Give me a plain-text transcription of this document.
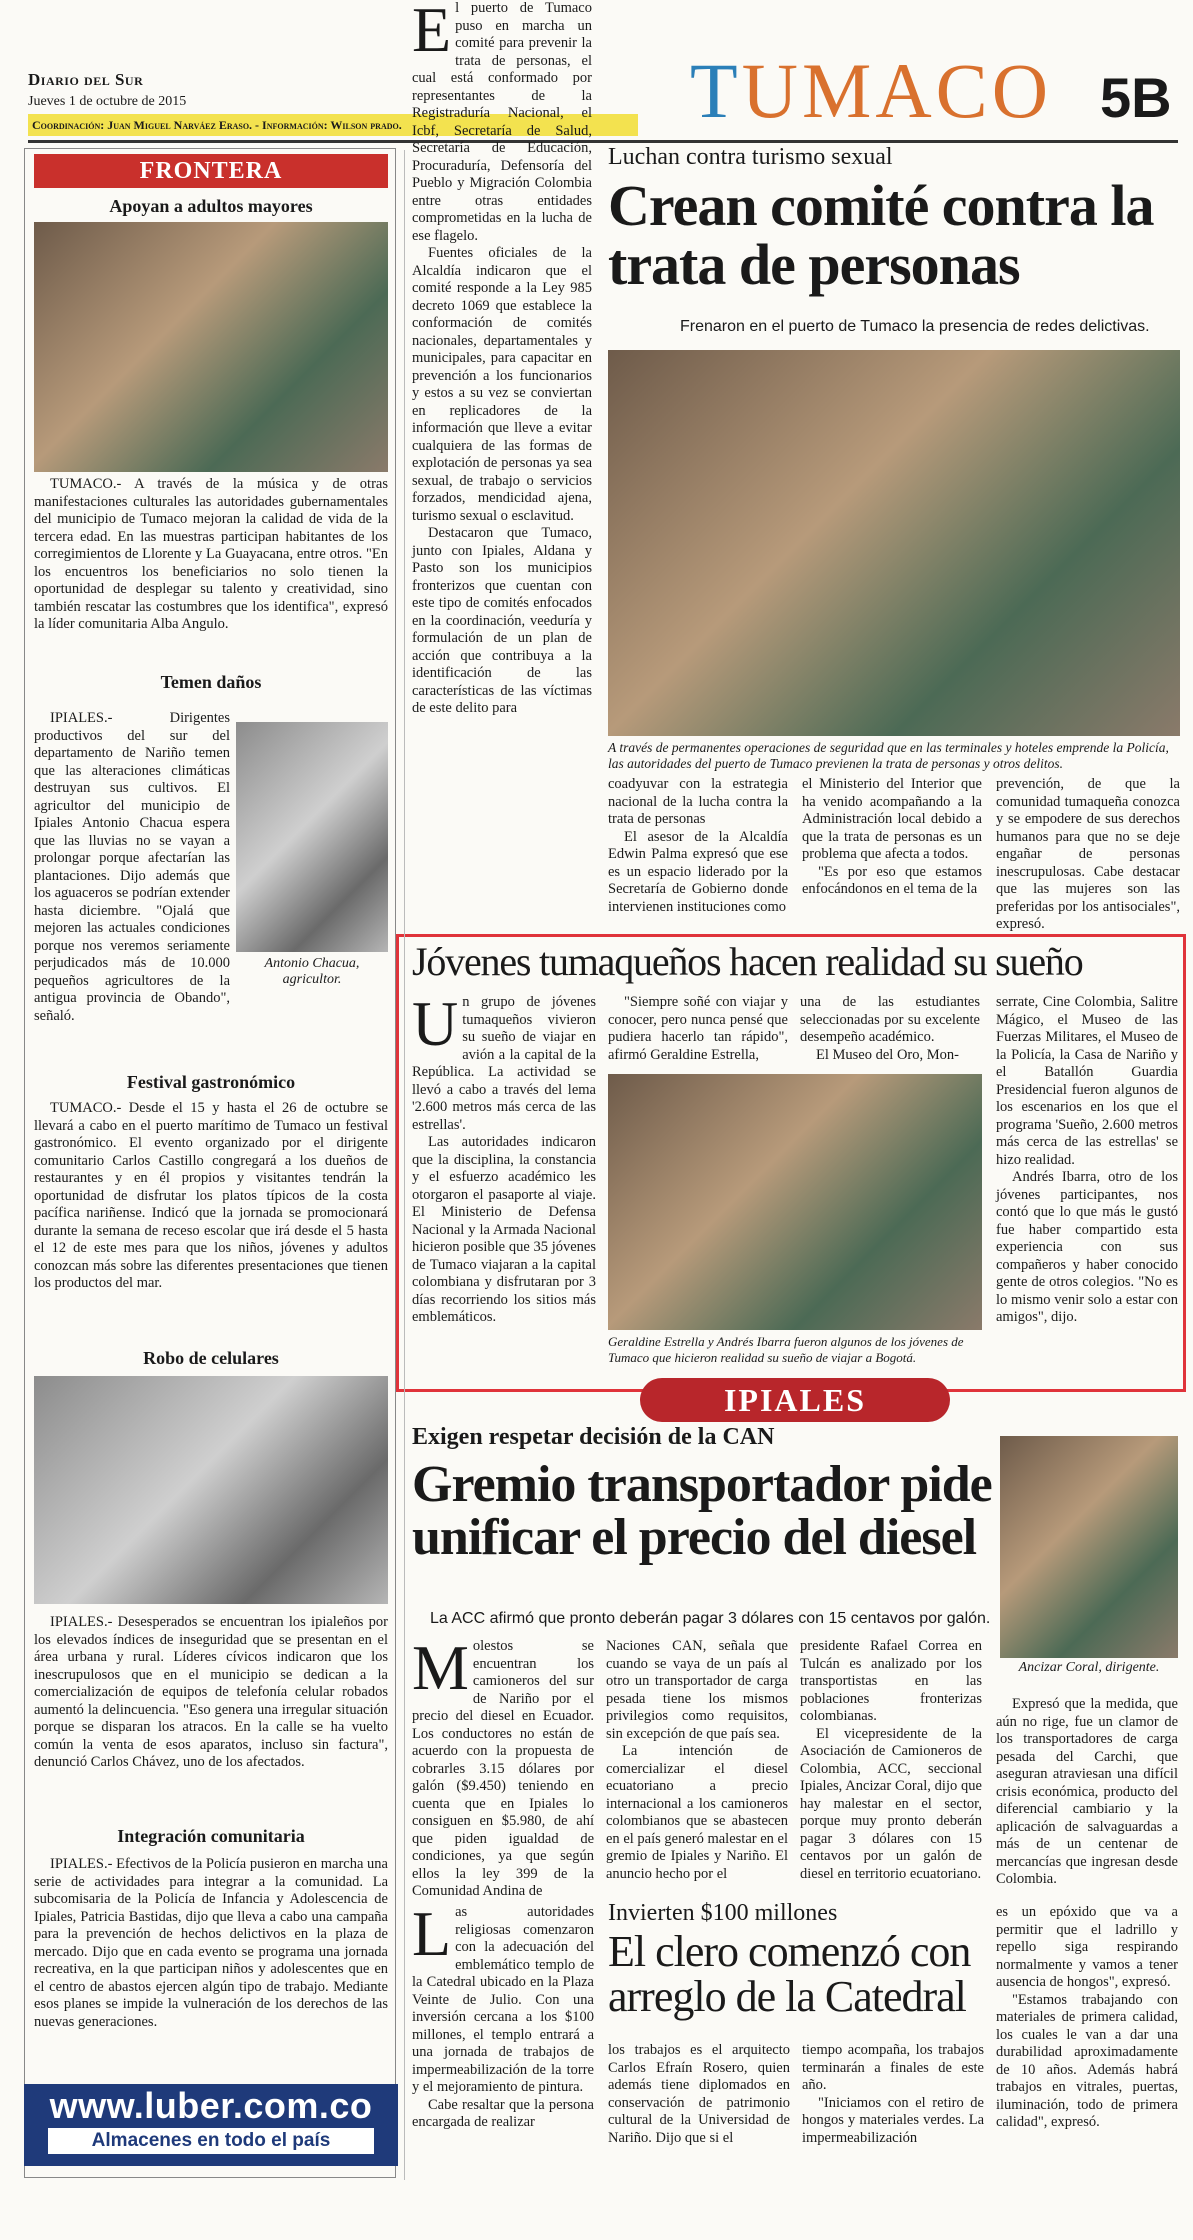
Diario del Sur
Jueves 1 de octubre de 2015
Coordinación: Juan Miguel Narváez Eraso. - Información: Wilson prado.	TUMACO 5B
FRONTERA
Apoyan a adultos mayores

TUMACO.- A través de la música y de otras manifestaciones culturales las autoridades gubernamentales del municipio de Tumaco mejoran la calidad de vida de la tercera edad. En las muestras participan habitantes de los corregimientos de Llorente y La Guayacana, entre otros. "En los encuentros los beneficiarios no solo tienen la oportunidad de desplegar su talento y creatividad, sino también rescatar las costumbres que los identifica", expresó la líder comunitaria Alba Angulo.

Temen daños

IPIALES.- Dirigentes productivos del sur del departamento de Nariño temen que las alteraciones climáticas destruyan sus cultivos. El agricultor del municipio de Ipiales Antonio Chacua espera que las lluvias no se vayan a prolongar porque afectarían las plantaciones. Dijo además que los aguaceros se podrían extender hasta diciembre. "Ojalá que mejoren las actuales condiciones porque nos veremos seriamente perjudicados más de 10.000 pequeños agricultores de la antigua provincia de Obando", señaló.

Antonio Chacua, agricultor.
Festival gastronómico

TUMACO.- Desde el 15 y hasta el 26 de octubre se llevará a cabo en el puerto marítimo de Tumaco un festival gastronómico. El evento organizado por el dirigente comunitario Carlos Castillo congregará a los dueños de restaurantes y en él propios y visitantes tendrán la oportunidad de disfrutar los platos típicos de la costa pacífica nariñense. Indicó que la jornada se promocionará durante la semana de receso escolar que irá desde el 5 hasta el 12 de este mes para que los niños, jóvenes y adultos conozcan más sobre las diferentes presentaciones que tienen los productos del mar.

Robo de celulares

IPIALES.- Desesperados se encuentran los ipialeños por los elevados índices de inseguridad que se presentan en el área urbana y rural. Líderes cívicos indicaron que los inescrupulosos que en el municipio se dedican a la comercialización de equipos de telefonía celular robados aumentó la delincuencia. "Eso genera una irregular situación porque se disparan los atracos. En la calle se ha vuelto común la venta de esos aparatos, incluso sin factura", denunció Carlos Chávez, uno de los afectados.

Integración comunitaria

IPIALES.- Efectivos de la Policía pusieron en marcha una serie de actividades para integrar a la comunidad. La subcomisaria de la Policía de Infancia y Adolescencia de Ipiales, Patricia Bastidas, dijo que lleva a cabo una campaña para la prevención de hechos delictivos en la plaza de mercado. Dijo que en cada evento se programa una jornada recreativa, en la que participan niños y adolescentes que en el centro de abastos ejercen algún tipo de trabajo. Mediante esos planes se impide la vulneración de los derechos de las nuevas generaciones.

www.luber.com.co
Almacenes en todo el país
E l puerto de Tumaco puso en marcha un comité para prevenir la trata de personas, el cual está conformado por representantes de la Registraduría Nacional, el Icbf, Secretaría de Salud, Secretaría de Educación, Procuraduría, Defensoría del Pueblo y Migración Colombia entre otras entidades comprometidas en la lucha de ese flagelo.

Fuentes oficiales de la Alcaldía indicaron que el comité responde a la Ley 985 decreto 1069 que establece la conformación de comités nacionales, departamentales y municipales, para capacitar en prevención a los funcionarios y estos a su vez se conviertan en replicadores de la información que lleve a evitar cualquiera de las formas de explotación de personas ya sea sexual, de trabajo o servicios forzados, mendicidad ajena, turismo sexual o esclavitud.

Destacaron que Tumaco, junto con Ipiales, Aldana y Pasto son los municipios fronterizos que cuentan con este tipo de comités enfocados en la coordinación, veeduría y formulación de un plan de acción que contribuya a la identificación de las características de las víctimas de este delito para

Luchan contra turismo sexual
Crean comité contra la trata de personas
Frenaron en el puerto de Tumaco la presencia de redes delictivas.
A través de permanentes operaciones de seguridad que en las terminales y hoteles emprende la Policía, las autoridades del puerto de Tumaco previenen la trata de personas y otros delitos.

coadyuvar con la estrategia nacional de la lucha contra la trata de personas

El asesor de la Alcaldía Edwin Palma expresó que ese es un espacio liderado por la Secretaría de Gobierno donde intervienen instituciones como

el Ministerio del Interior que ha venido acompañando a la Administración local debido a que la trata de personas es un problema que afecta a todos.

"Es por eso que estamos enfocándonos en el tema de la

prevención, de que la comunidad tumaqueña conozca y se empodere de sus derechos humanos para que no se deje engañar de personas inescrupulosas. Cabe destacar que las mujeres son las preferidas por los antisociales", expresó.

Jóvenes tumaqueños hacen realidad su sueño
U n grupo de jóvenes tumaqueños vivieron su sueño de viajar en avión a la capital de la República. La actividad se llevó a cabo a través del lema '2.600 metros más cerca de las estrellas'.

Las autoridades indicaron que la disciplina, la constancia y el esfuerzo académico les otorgaron el pasaporte al viaje. El Ministerio de Defensa Nacional y la Armada Nacional hicieron posible que 35 jóvenes de Tumaco viajaran a la capital colombiana y disfrutaran por 3 días recorriendo los sitios más emblemáticos.

"Siempre soñé con viajar y conocer, pero nunca pensé que pudiera hacerlo tan rápido", afirmó Geraldine Estrella,

una de las estudiantes seleccionadas por su excelente desempeño académico.

El Museo del Oro, Mon-

Geraldine Estrella y Andrés Ibarra fueron algunos de los jóvenes de Tumaco que hicieron realidad su sueño de viajar a Bogotá.

serrate, Cine Colombia, Salitre Mágico, el Museo de las Fuerzas Militares, el Museo de la Policía, la Casa de Nariño y el Batallón Guardia Presidencial fueron algunos de los escenarios en los que el programa 'Sueño, 2.600 metros más cerca de las estrellas' se hizo realidad.

Andrés Ibarra, otro de los jóvenes participantes, nos contó que lo que más le gustó fue haber compartido esta experiencia con sus compañeros y haber conocido gente de otros colegios. "No es lo mismo venir solo a estar con amigos", dijo.

IPIALES
Exigen respetar decisión de la CAN
Gremio transportador pide unificar el precio del diesel
La ACC afirmó que pronto deberán pagar 3 dólares con 15 centavos por galón.
M olestos se encuentran los camioneros del sur de Nariño por el precio del diesel en Ecuador. Los conductores no están de acuerdo con la propuesta de cobrarles 3.15 dólares por galón ($9.450) teniendo en cuenta que en Ipiales lo consiguen en $5.980, de ahí que piden igualdad de condiciones, ya que según ellos la ley 399 de la Comunidad Andina de

Naciones CAN, señala que cuando se vaya de un país al otro un transportador de carga pesada tiene los mismos privilegios como requisitos, sin excepción de que país sea.

La intención de comercializar el diesel ecuatoriano a precio internacional a los camioneros colombianos que se abastecen en el país generó malestar en el gremio de Ipiales y Nariño. El anuncio hecho por el

presidente Rafael Correa en Tulcán es analizado por los transportistas en las poblaciones fronterizas colombianas.

El vicepresidente de la Asociación de Camioneros de Colombia, ACC, seccional Ipiales, Ancizar Coral, dijo que hay malestar en el sector, porque muy pronto deberán pagar 3 dólares con 15 centavos por un galón de diesel en territorio ecuatoriano.

Ancizar Coral, dirigente.

Expresó que la medida, que aún no rige, fue un clamor de los transportadores de carga pesada del Carchi, que aseguran atraviesan una difícil crisis económica, producto del diferencial cambiario y la aplicación de salvaguardas a más de un centenar de mercancías que ingresan desde Colombia.

L as autoridades religiosas comenzaron con la adecuación del emblemático templo de la Catedral ubicado en la Plaza Veinte de Julio. Con una inversión cercana a los $100 millones, el templo entrará a una jornada de trabajos de impermeabilización de la torre y el mejoramiento de pintura.

Cabe resaltar que la persona encargada de realizar

Invierten $100 millones
El clero comenzó con arreglo de la Catedral

los trabajos es el arquitecto Carlos Efraín Rosero, quien además tiene diplomados en conservación de patrimonio cultural de la Universidad de Nariño. Dijo que si el

tiempo acompaña, los trabajos terminarán a finales de este año.

"Iniciamos con el retiro de hongos y materiales verdes. La impermeabilización

es un epóxido que va a permitir que el ladrillo y repello siga respirando normalmente y vamos a tener ausencia de hongos", expresó.

"Estamos trabajando con materiales de primera calidad, los cuales le van a dar una durabilidad aproximadamente de 10 años. Además habrá trabajos en vitrales, puertas, iluminación, todo de primera calidad", expresó.
